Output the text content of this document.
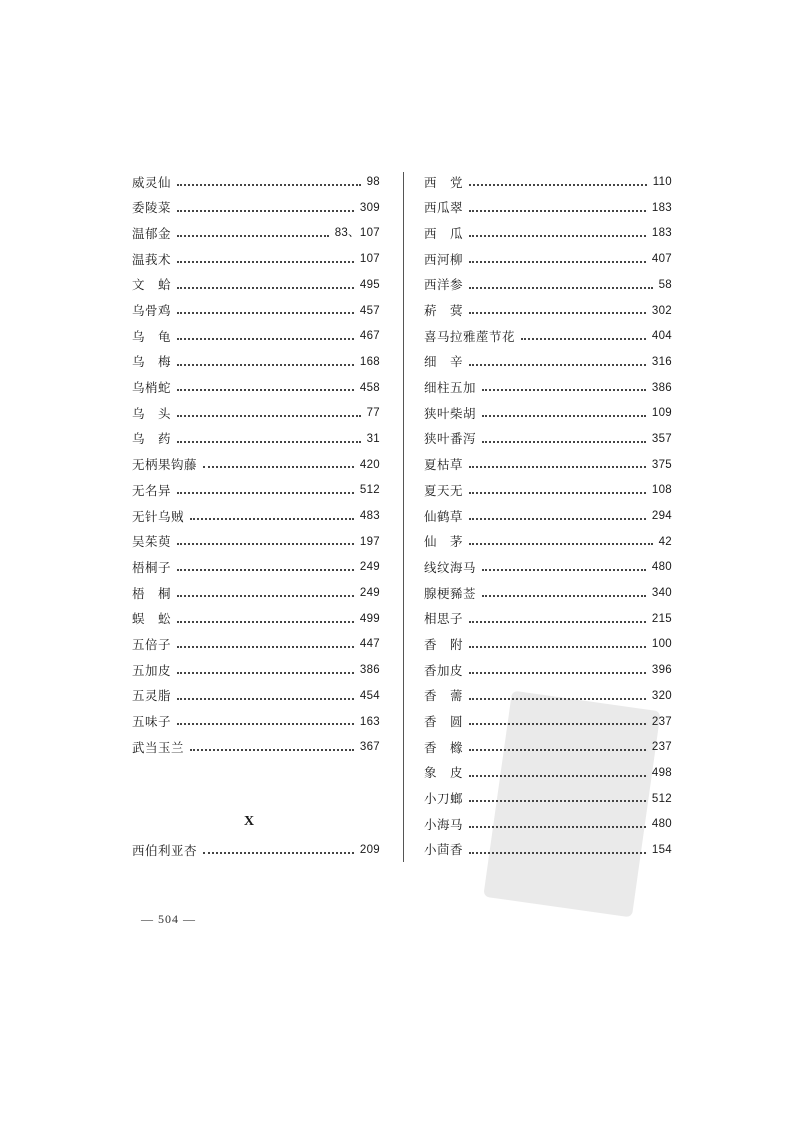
威灵仙	98
委陵菜	309
温郁金	83、107
温莪术	107
文　蛤	495
乌骨鸡	457
乌　龟	467
乌　梅	168
乌梢蛇	458
乌　头	77
乌　药	31
无柄果钩藤	420
无名异	512
无针乌贼	483
吴茱萸	197
梧桐子	249
梧　桐	249
蜈　蚣	499
五倍子	447
五加皮	386
五灵脂	454
五味子	163
武当玉兰	367
西　党	110
西瓜翠	183
西　瓜	183
西河柳	407
西洋参	58
菥　蓂	302
喜马拉雅蓙节花	404
细　辛	316
细柱五加	386
狭叶柴胡	109
狭叶番泻	357
夏枯草	375
夏天无	108
仙鹤草	294
仙　茅	42
线纹海马	480
腺梗豨莶	340
相思子	215
香　附	100
香加皮	396
香　薷	320
香　圆	237
香　橼	237
象　皮	498
小刀螂	512
小海马	480
小茴香	154
X
西伯利亚杏	209
— 504 —
